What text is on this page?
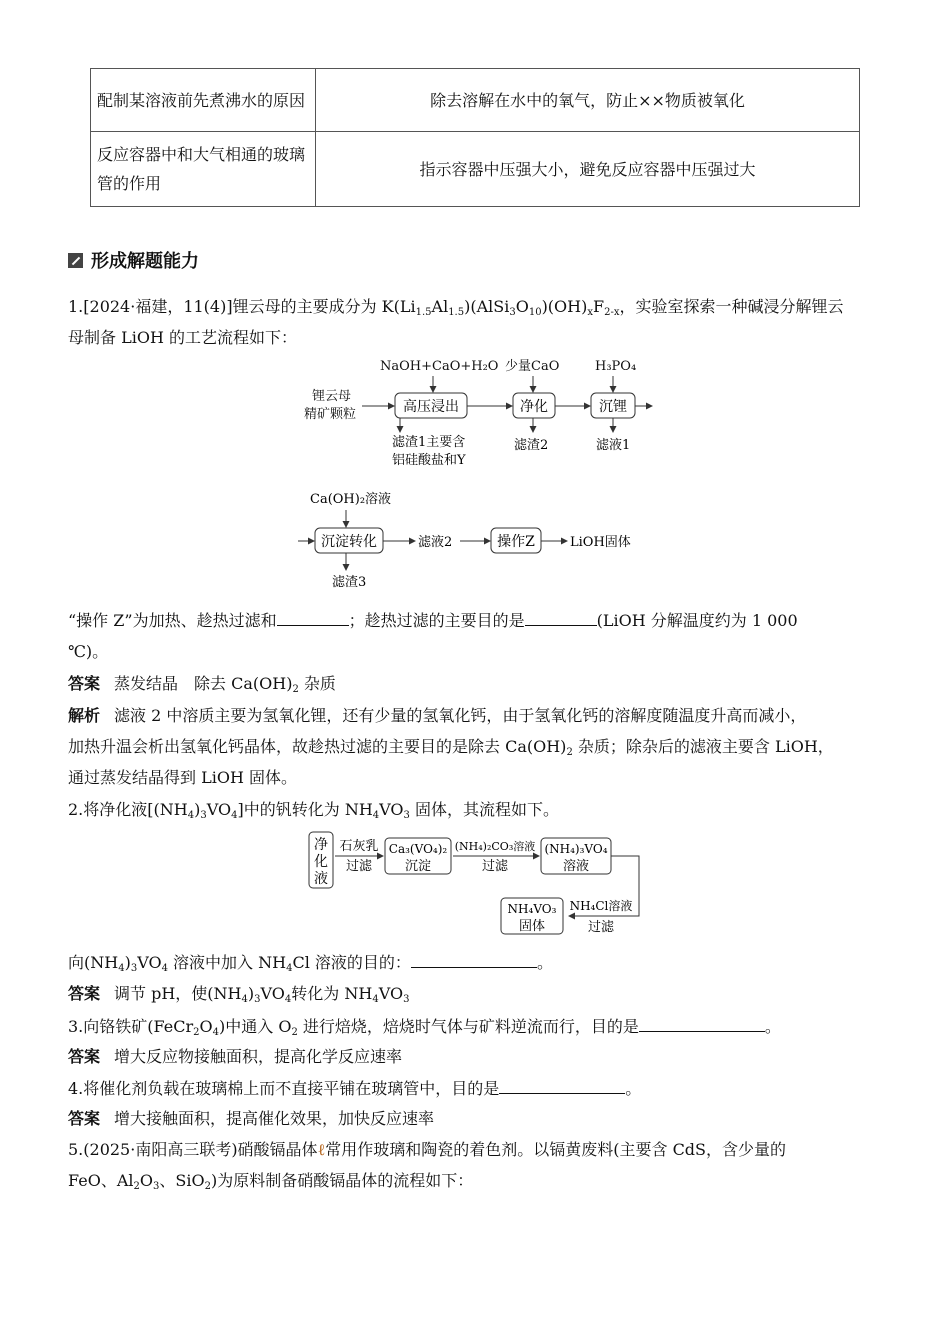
配制某溶液前先煮沸水的原因	除去溶解在水中的氧气，防止××物质被氧化
反应容器中和大气相通的玻璃管的作用	指示容器中压强大小，避免反应容器中压强过大
形成解题能力
1.[2024·福建，11(4)]锂云母的主要成分为 $K(Li_{1.5}Al_{1.5})(AlSi_3O_{10})(OH)_xF_{2-x}$，实验室探索一种碱浸分解锂云
母制备 LiOH 的工艺流程如下：
锂云母
精矿颗粒
NaOH+CaO+H₂O 少量CaO	H₃PO₄
高压浸出	净化	沉锂
滤渣1主要含
铝硅酸盐和Y
滤渣2	滤液1
Ca(OH)₂溶液
沉淀转化	滤液2	操作Z	LiOH固体
滤渣3
“操作 Z”为加热、趁热过滤和	；趁热过滤的主要目的是	(LiOH 分解温度约为 1 000
℃)。
答案 蒸发结晶　除去 $Ca(OH)_2$ 杂质
解析 滤液 2 中溶质主要为氢氧化锂，还有少量的氢氧化钙，由于氢氧化钙的溶解度随温度升高而减小，
加热升温会析出氢氧化钙晶体，故趁热过滤的主要目的是除去 $Ca(OH)_2$ 杂质；除杂后的滤液主要含 LiOH，
通过蒸发结晶得到 LiOH 固体。
2.将净化液$[(NH_4)_3VO_4]$中的钒转化为 $NH_4VO_3$ 固体，其流程如下。
净
化
液
石灰乳
过滤
Ca₃(VO₄)₂
沉淀
(NH₄)₂CO₃溶液
过滤
(NH₄)₃VO₄
溶液
NH₄Cl溶液
过滤
NH₄VO₃
固体
向$(NH_4)_3VO_4$ 溶液中加入 $NH_4Cl$ 溶液的目的：	。
答案 调节 pH，使$(NH_4)_3VO_4$转化为 $NH_4VO_3$
3.向铬铁矿$(FeCr_2O_4)$中通入 $O_2$ 进行焙烧，焙烧时气体与矿料逆流而行，目的是	。
答案 增大反应物接触面积，提高化学反应速率
4.将催化剂负载在玻璃棉上而不直接平铺在玻璃管中，目的是	。
答案 增大接触面积，提高催化效果，加快反应速率
5.(2025·南阳高三联考)硝酸镉晶体ℓ常用作玻璃和陶瓷的着色剂。以镉黄废料(主要含 CdS，含少量的
FeO、$Al_2O_3$、SiO$_2$)为原料制备硝酸镉晶体的流程如下：
